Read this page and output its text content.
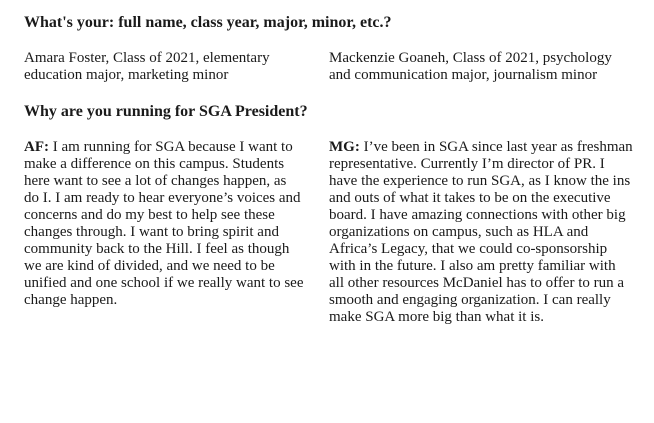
What's your: full name, class year, major, minor, etc.?

Amara Foster, Class of 2021, elementary education major, marketing minor

Mackenzie Goaneh, Class of 2021, psychology and communication major, journalism minor

Why are you running for SGA President?

AF: I am running for SGA because I want to make a difference on this campus. Students here want to see a lot of changes happen, as do I. I am ready to hear everyone’s voices and concerns and do my best to help see these changes through. I want to bring spirit and community back to the Hill. I feel as though we are kind of divided, and we need to be unified and one school if we really want to see change happen.

MG: I’ve been in SGA since last year as freshman representative. Currently I’m director of PR. I have the experience to run SGA, as I know the ins and outs of what it takes to be on the executive board. I have amazing connections with other big organizations on campus, such as HLA and Africa’s Legacy, that we could co-sponsorship with in the future. I also am pretty familiar with all other resources McDaniel has to offer to run a smooth and engaging organization. I can really make SGA more big than what it is.
